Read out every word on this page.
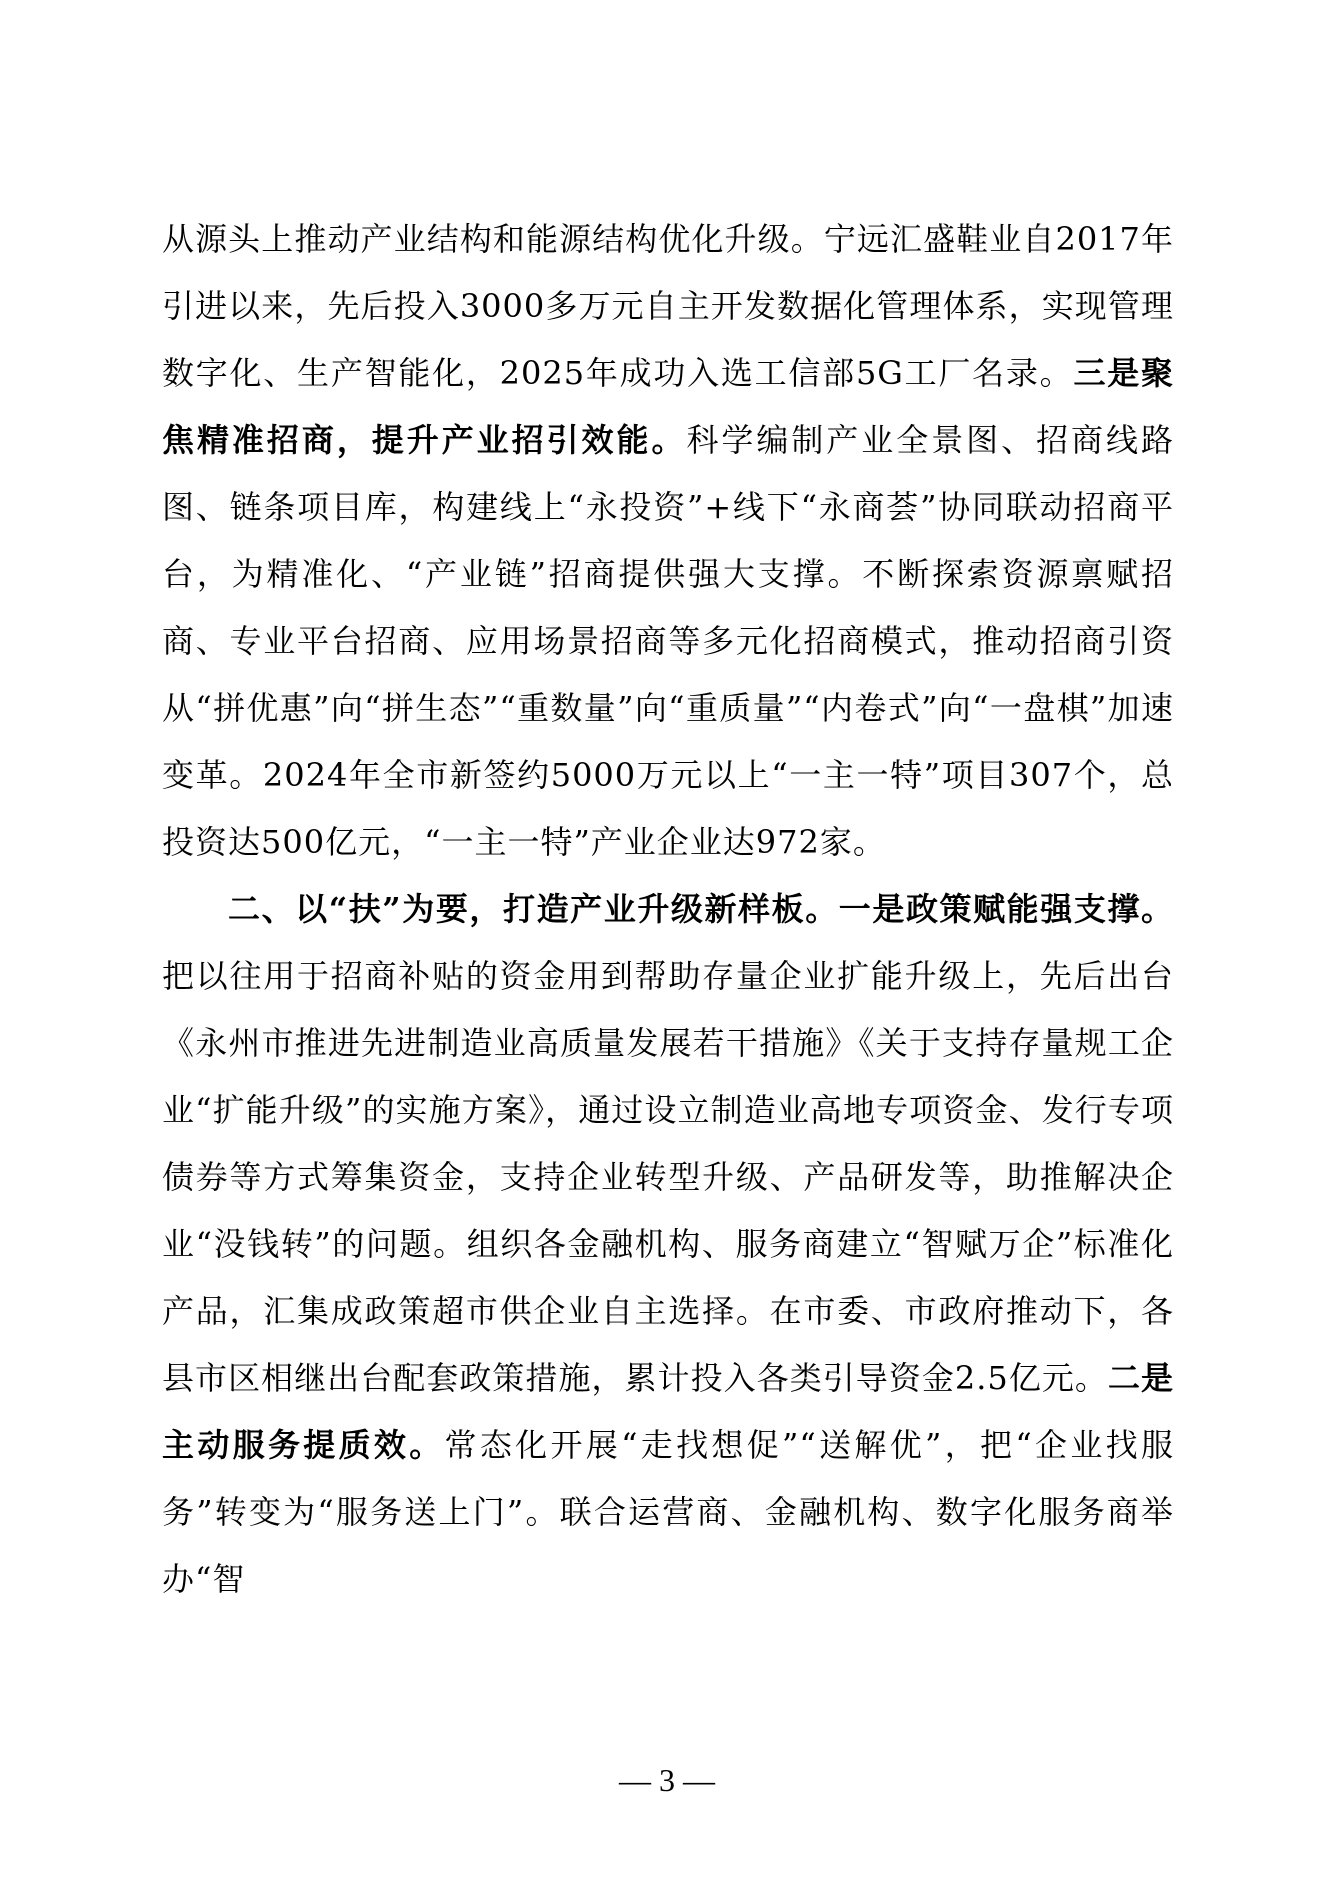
从源头上推动产业结构和能源结构优化升级。宁远汇盛鞋业自2017年引进以来，先后投入3000多万元自主开发数据化管理体系，实现管理数字化、生产智能化，2025年成功入选工信部5G工厂名录。三是聚焦精准招商，提升产业招引效能。科学编制产业全景图、招商线路图、链条项目库，构建线上“永投资”+线下“永商荟”协同联动招商平台，为精准化、“产业链”招商提供强大支撑。不断探索资源禀赋招商、专业平台招商、应用场景招商等多元化招商模式，推动招商引资从“拼优惠”向“拼生态”“重数量”向“重质量”“内卷式”向“一盘棋”加速变革。2024年全市新签约5000万元以上“一主一特”项目307个，总投资达500亿元，“一主一特”产业企业达972家。

二、以“扶”为要，打造产业升级新样板。一是政策赋能强支撑。把以往用于招商补贴的资金用到帮助存量企业扩能升级上，先后出台《永州市推进先进制造业高质量发展若干措施》《关于支持存量规工企业“扩能升级”的实施方案》，通过设立制造业高地专项资金、发行专项债券等方式筹集资金，支持企业转型升级、产品研发等，助推解决企业“没钱转”的问题。组织各金融机构、服务商建立“智赋万企”标准化产品，汇集成政策超市供企业自主选择。在市委、市政府推动下，各县市区相继出台配套政策措施，累计投入各类引导资金2.5亿元。二是主动服务提质效。常态化开展“走找想促”“送解优”，把“企业找服务”转变为“服务送上门”。联合运营商、金融机构、数字化服务商举办“智

— 3 —
